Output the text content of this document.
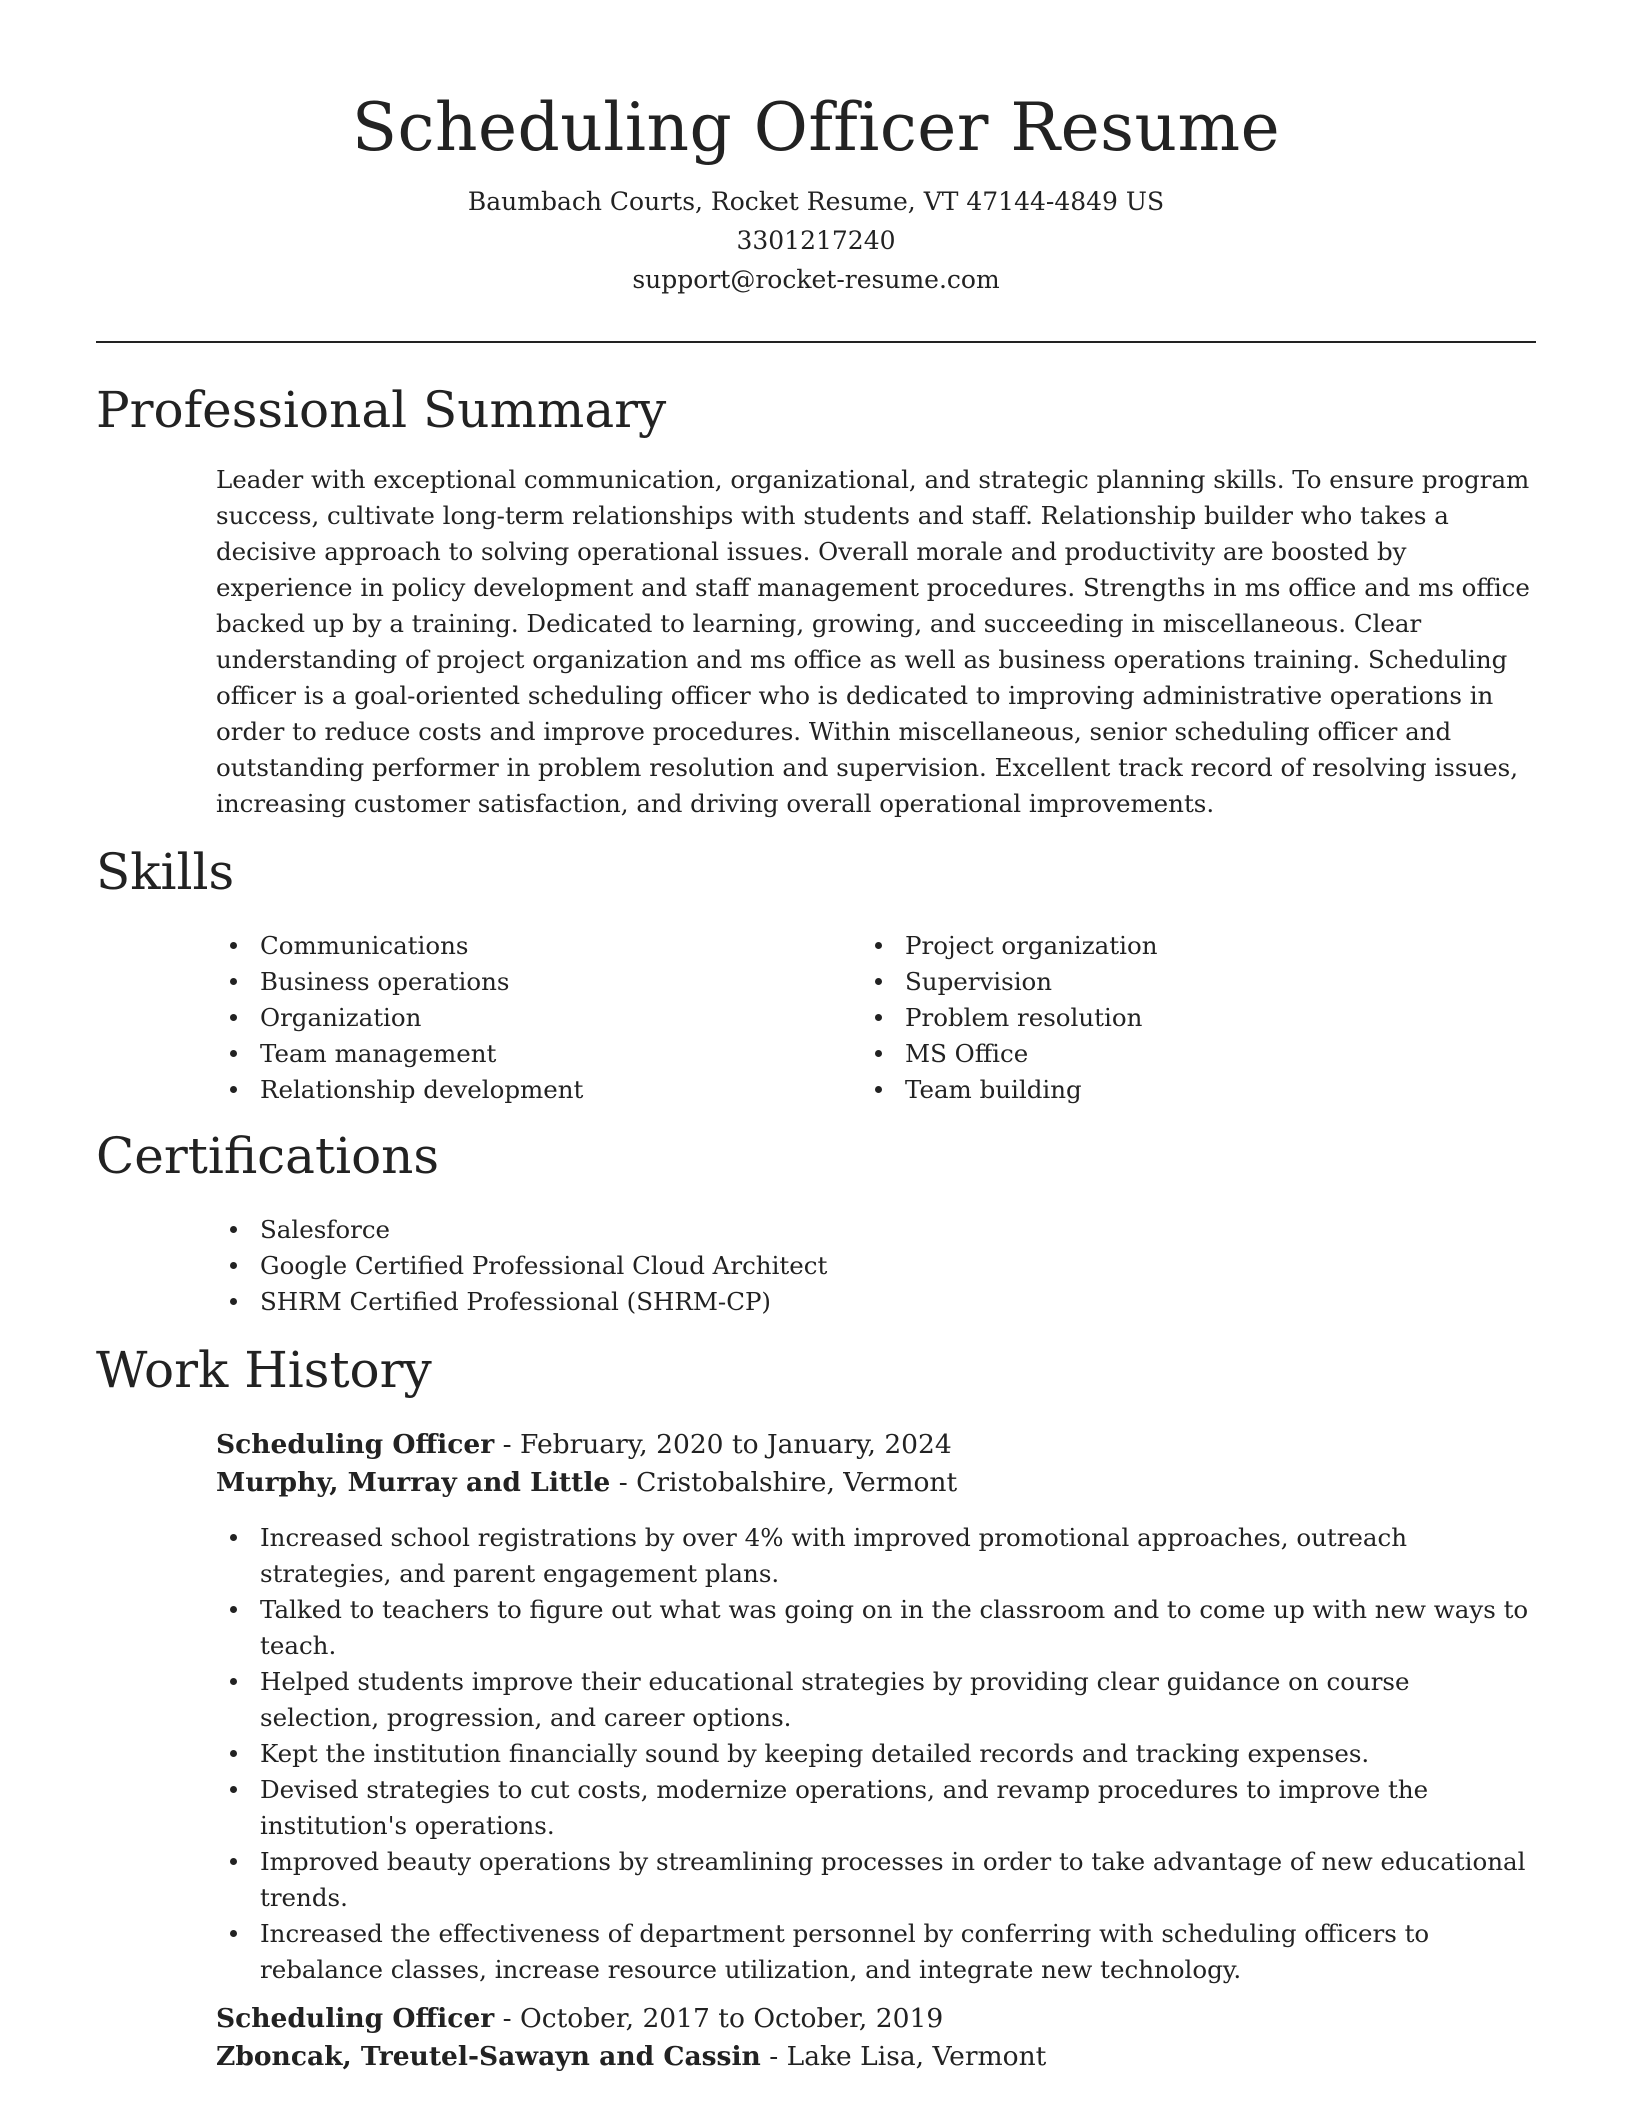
Scheduling Officer Resume
Baumbach Courts, Rocket Resume, VT 47144-4849 US
3301217240
support@rocket-resume.com
Professional Summary

Leader with exceptional communication, organizational, and strategic planning skills. To ensure program success, cultivate long-term relationships with students and staff. Relationship builder who takes a decisive approach to solving operational issues. Overall morale and productivity are boosted by experience in policy development and staff management procedures. Strengths in ms office and ms office backed up by a training. Dedicated to learning, growing, and succeeding in miscellaneous. Clear understanding of project organization and ms office as well as business operations training. Scheduling officer is a goal-oriented scheduling officer who is dedicated to improving administrative operations in order to reduce costs and improve procedures. Within miscellaneous, senior scheduling officer and outstanding performer in problem resolution and supervision. Excellent track record of resolving issues, increasing customer satisfaction, and driving overall operational improvements.

Skills
Communications
Business operations
Organization
Team management
Relationship development
Project organization
Supervision
Problem resolution
MS Office
Team building
Certifications
Salesforce
Google Certified Professional Cloud Architect
SHRM Certified Professional (SHRM-CP)
Work History
Scheduling Officer - February, 2020 to January, 2024
Murphy, Murray and Little - Cristobalshire, Vermont
Increased school registrations by over 4% with improved promotional approaches, outreach strategies, and parent engagement plans.
Talked to teachers to figure out what was going on in the classroom and to come up with new ways to teach.
Helped students improve their educational strategies by providing clear guidance on course selection, progression, and career options.
Kept the institution financially sound by keeping detailed records and tracking expenses.
Devised strategies to cut costs, modernize operations, and revamp procedures to improve the institution's operations.
Improved beauty operations by streamlining processes in order to take advantage of new educational trends.
Increased the effectiveness of department personnel by conferring with scheduling officers to rebalance classes, increase resource utilization, and integrate new technology.
Scheduling Officer - October, 2017 to October, 2019
Zboncak, Treutel-Sawayn and Cassin - Lake Lisa, Vermont
